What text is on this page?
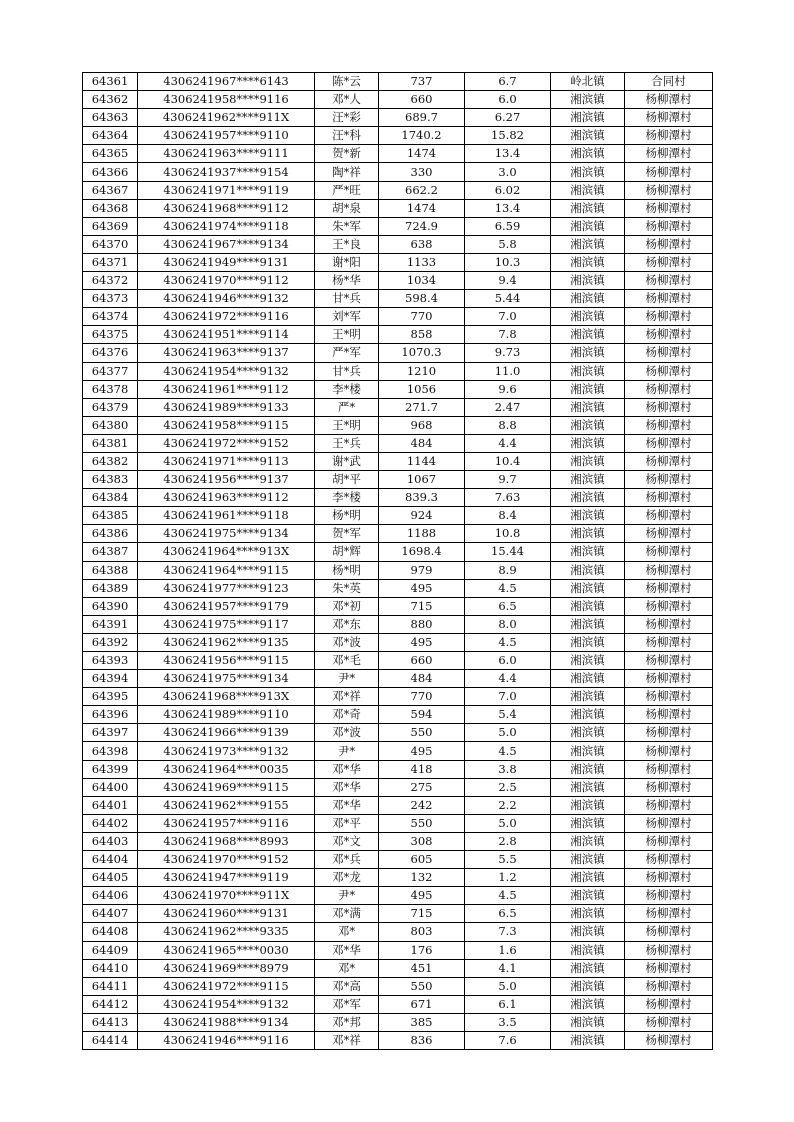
64361	4306241967****6143	陈*云	737	6.7	岭北镇	合同村
64362	4306241958****9116	邓*人	660	6.0	湘滨镇	杨柳潭村
64363	4306241962****911X	汪*彩	689.7	6.27	湘滨镇	杨柳潭村
64364	4306241957****9110	汪*科	1740.2	15.82	湘滨镇	杨柳潭村
64365	4306241963****9111	贺*新	1474	13.4	湘滨镇	杨柳潭村
64366	4306241937****9154	陶*祥	330	3.0	湘滨镇	杨柳潭村
64367	4306241971****9119	严*旺	662.2	6.02	湘滨镇	杨柳潭村
64368	4306241968****9112	胡*泉	1474	13.4	湘滨镇	杨柳潭村
64369	4306241974****9118	朱*军	724.9	6.59	湘滨镇	杨柳潭村
64370	4306241967****9134	王*良	638	5.8	湘滨镇	杨柳潭村
64371	4306241949****9131	谢*阳	1133	10.3	湘滨镇	杨柳潭村
64372	4306241970****9112	杨*华	1034	9.4	湘滨镇	杨柳潭村
64373	4306241946****9132	甘*兵	598.4	5.44	湘滨镇	杨柳潭村
64374	4306241972****9116	刘*军	770	7.0	湘滨镇	杨柳潭村
64375	4306241951****9114	王*明	858	7.8	湘滨镇	杨柳潭村
64376	4306241963****9137	严*军	1070.3	9.73	湘滨镇	杨柳潭村
64377	4306241954****9132	甘*兵	1210	11.0	湘滨镇	杨柳潭村
64378	4306241961****9112	李*楼	1056	9.6	湘滨镇	杨柳潭村
64379	4306241989****9133	严*	271.7	2.47	湘滨镇	杨柳潭村
64380	4306241958****9115	王*明	968	8.8	湘滨镇	杨柳潭村
64381	4306241972****9152	王*兵	484	4.4	湘滨镇	杨柳潭村
64382	4306241971****9113	谢*武	1144	10.4	湘滨镇	杨柳潭村
64383	4306241956****9137	胡*平	1067	9.7	湘滨镇	杨柳潭村
64384	4306241963****9112	李*楼	839.3	7.63	湘滨镇	杨柳潭村
64385	4306241961****9118	杨*明	924	8.4	湘滨镇	杨柳潭村
64386	4306241975****9134	贺*军	1188	10.8	湘滨镇	杨柳潭村
64387	4306241964****913X	胡*辉	1698.4	15.44	湘滨镇	杨柳潭村
64388	4306241964****9115	杨*明	979	8.9	湘滨镇	杨柳潭村
64389	4306241977****9123	朱*英	495	4.5	湘滨镇	杨柳潭村
64390	4306241957****9179	邓*初	715	6.5	湘滨镇	杨柳潭村
64391	4306241975****9117	邓*东	880	8.0	湘滨镇	杨柳潭村
64392	4306241962****9135	邓*波	495	4.5	湘滨镇	杨柳潭村
64393	4306241956****9115	邓*毛	660	6.0	湘滨镇	杨柳潭村
64394	4306241975****9134	尹*	484	4.4	湘滨镇	杨柳潭村
64395	4306241968****913X	邓*祥	770	7.0	湘滨镇	杨柳潭村
64396	4306241989****9110	邓*奇	594	5.4	湘滨镇	杨柳潭村
64397	4306241966****9139	邓*波	550	5.0	湘滨镇	杨柳潭村
64398	4306241973****9132	尹*	495	4.5	湘滨镇	杨柳潭村
64399	4306241964****0035	邓*华	418	3.8	湘滨镇	杨柳潭村
64400	4306241969****9115	邓*华	275	2.5	湘滨镇	杨柳潭村
64401	4306241962****9155	邓*华	242	2.2	湘滨镇	杨柳潭村
64402	4306241957****9116	邓*平	550	5.0	湘滨镇	杨柳潭村
64403	4306241968****8993	邓*文	308	2.8	湘滨镇	杨柳潭村
64404	4306241970****9152	邓*兵	605	5.5	湘滨镇	杨柳潭村
64405	4306241947****9119	邓*龙	132	1.2	湘滨镇	杨柳潭村
64406	4306241970****911X	尹*	495	4.5	湘滨镇	杨柳潭村
64407	4306241960****9131	邓*满	715	6.5	湘滨镇	杨柳潭村
64408	4306241962****9335	邓*	803	7.3	湘滨镇	杨柳潭村
64409	4306241965****0030	邓*华	176	1.6	湘滨镇	杨柳潭村
64410	4306241969****8979	邓*	451	4.1	湘滨镇	杨柳潭村
64411	4306241972****9115	邓*高	550	5.0	湘滨镇	杨柳潭村
64412	4306241954****9132	邓*军	671	6.1	湘滨镇	杨柳潭村
64413	4306241988****9134	邓*邦	385	3.5	湘滨镇	杨柳潭村
64414	4306241946****9116	邓*祥	836	7.6	湘滨镇	杨柳潭村
